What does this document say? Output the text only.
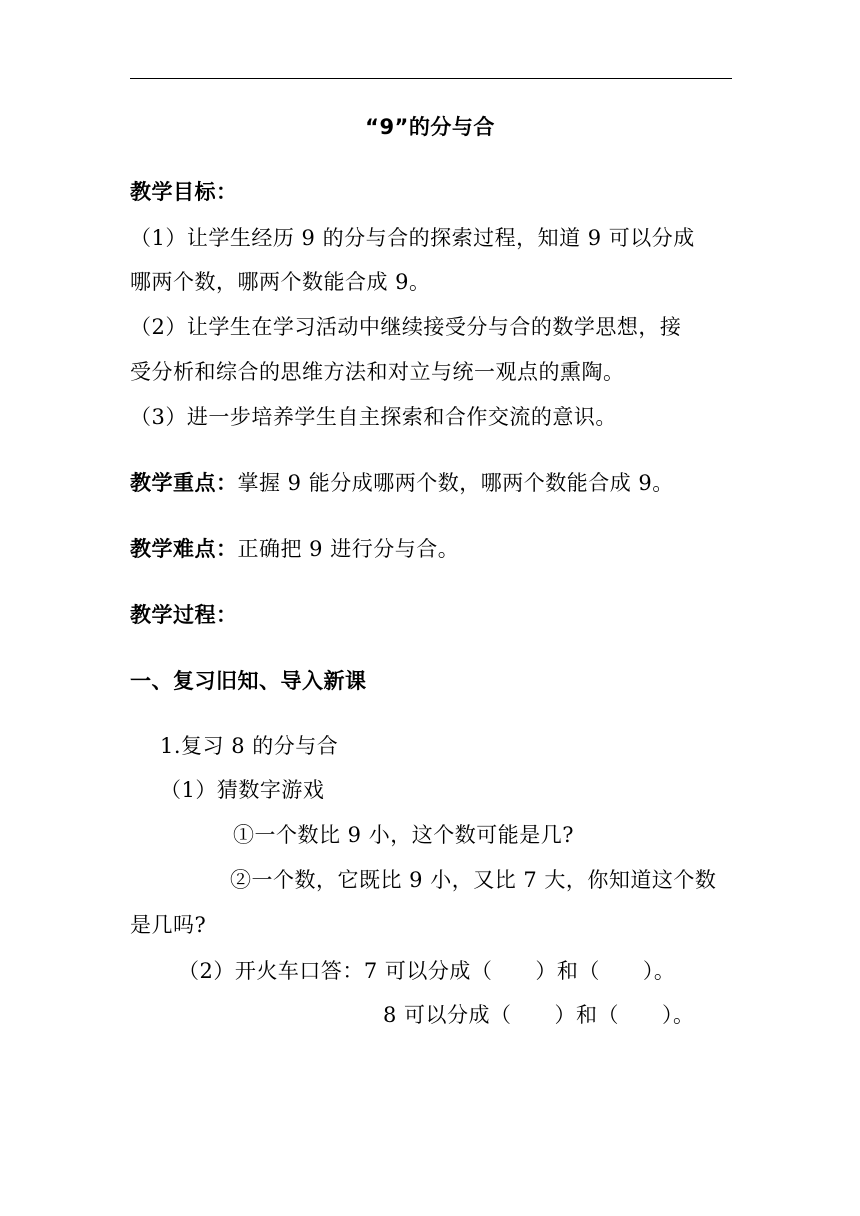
“9”的分与合
教学目标：
（1）让学生经历 9 的分与合的探索过程，知道 9 可以分成
哪两个数，哪两个数能合成 9。
（2）让学生在学习活动中继续接受分与合的数学思想，接
受分析和综合的思维方法和对立与统一观点的熏陶。
（3）进一步培养学生自主探索和合作交流的意识。
教学重点：掌握 9 能分成哪两个数，哪两个数能合成 9。
教学难点：正确把 9 进行分与合。
教学过程：
一、复习旧知、导入新课
1.复习 8 的分与合
（1）猜数字游戏
①一个数比 9 小，这个数可能是几?
②一个数，它既比 9 小，又比 7 大，你知道这个数
是几吗?
（2）开火车口答：7 可以分成（　　）和（　　）。
8 可以分成（　　）和（　　）。
